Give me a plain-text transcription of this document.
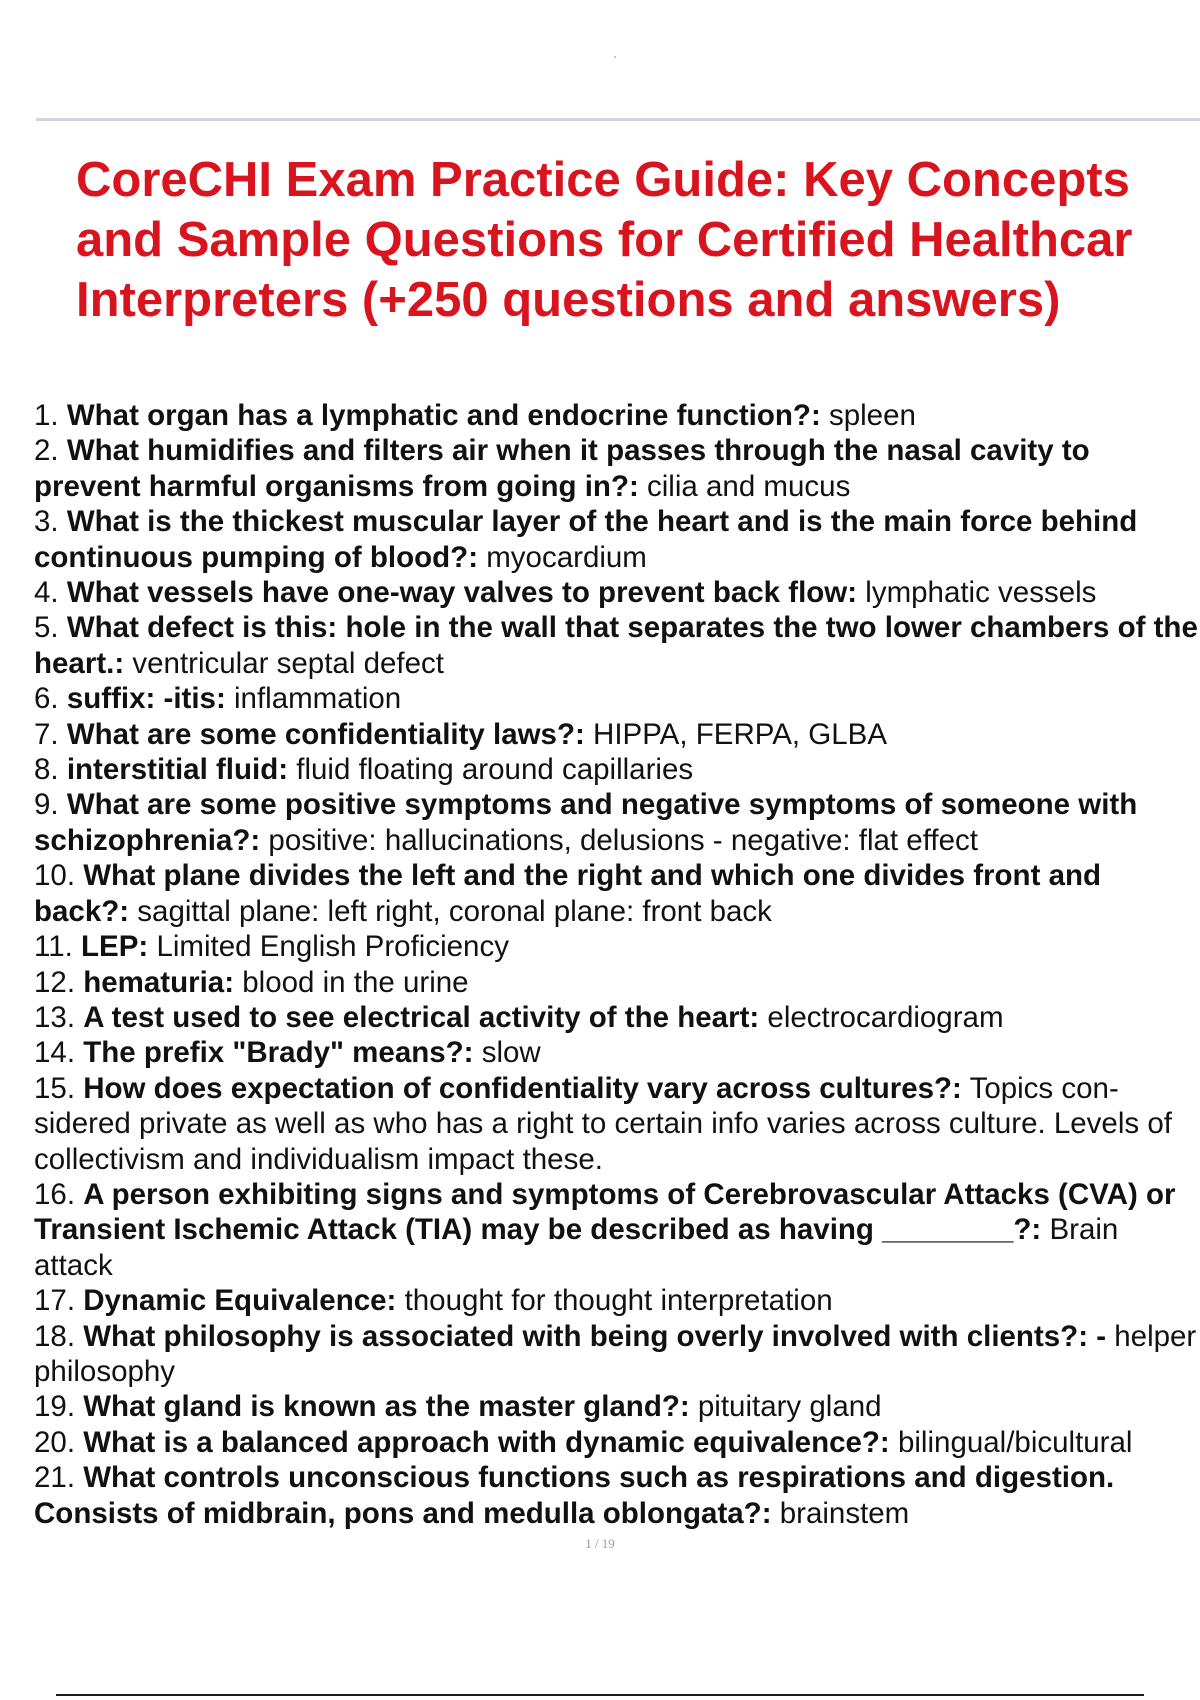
CoreCHI Exam Practice Guide: Key Concepts
and Sample Questions for Certified Healthcar
Interpreters (+250 questions and answers)
1. What organ has a lymphatic and endocrine function?: spleen
2. What humidifies and filters air when it passes through the nasal cavity to prevent harmful organisms from going in?: cilia and mucus
3. What is the thickest muscular layer of the heart and is the main force behind continuous pumping of blood?: myocardium
4. What vessels have one-way valves to prevent back flow: lymphatic vessels
5. What defect is this: hole in the wall that separates the two lower chambers of the heart.: ventricular septal defect
6. suffix: -itis: inflammation
7. What are some confidentiality laws?: HIPPA, FERPA, GLBA
8. interstitial fluid: fluid floating around capillaries
9. What are some positive symptoms and negative symptoms of someone with schizophrenia?: positive: hallucinations, delusions - negative: flat effect
10. What plane divides the left and the right and which one divides front and back?: sagittal plane: left right, coronal plane: front back
11. LEP: Limited English Proficiency
12. hematuria: blood in the urine
13. A test used to see electrical activity of the heart: electrocardiogram
14. The prefix "Brady" means?: slow
15. How does expectation of confidentiality vary across cultures?: Topics con-sidered private as well as who has a right to certain info varies across culture. Levels of collectivism and individualism impact these.
16. A person exhibiting signs and symptoms of Cerebrovascular Attacks (CVA) or Transient Ischemic Attack (TIA) may be described as having ________?: Brain attack
17. Dynamic Equivalence: thought for thought interpretation
18. What philosophy is associated with being overly involved with clients?: - helper philosophy
19. What gland is known as the master gland?: pituitary gland
20. What is a balanced approach with dynamic equivalence?: bilingual/bicultural
21. What controls unconscious functions such as respirations and digestion. Consists of midbrain, pons and medulla oblongata?: brainstem
1 / 19
